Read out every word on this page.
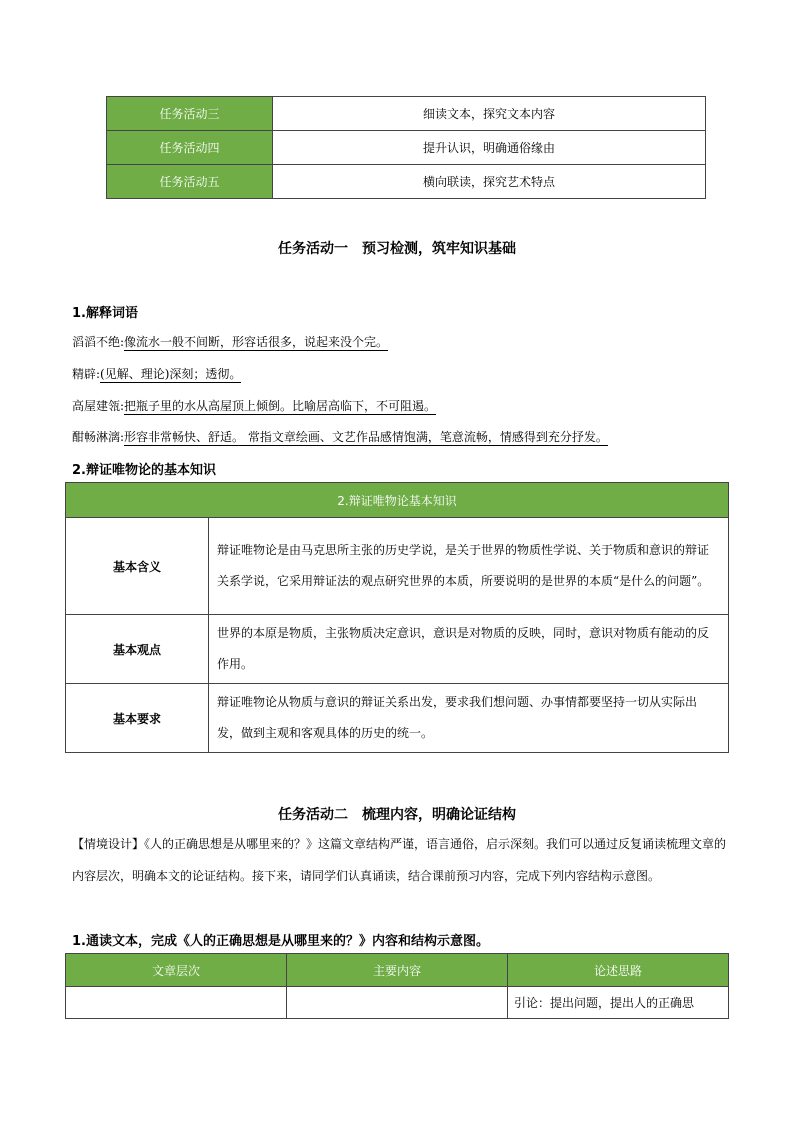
任务活动三	细读文本，探究文本内容
任务活动四	提升认识，明确通俗缘由
任务活动五	横向联读，探究艺术特点
任务活动一　预习检测，筑牢知识基础
1.解释词语
滔滔不绝:像流水一般不间断，形容话很多，说起来没个完。
精辟:(见解、理论)深刻；透彻。
高屋建瓴:把瓶子里的水从高屋顶上倾倒。比喻居高临下，不可阻遏。
酣畅淋漓:形容非常畅快、舒适。 常指文章绘画、文艺作品感情饱满，笔意流畅，情感得到充分抒发。
2.辩证唯物论的基本知识
2.辩证唯物论基本知识	
基本含义	辩证唯物论是由马克思所主张的历史学说，是关于世界的物质性学说、关于物质和意识的辩证关系学说，它采用辩证法的观点研究世界的本质，所要说明的是世界的本质“是什么的问题”。
基本观点	世界的本原是物质，主张物质决定意识，意识是对物质的反映，同时，意识对物质有能动的反作用。
基本要求	辩证唯物论从物质与意识的辩证关系出发，要求我们想问题、办事情都要坚持一切从实际出发，做到主观和客观具体的历史的统一。
任务活动二　梳理内容，明确论证结构
【情境设计】《人的正确思想是从哪里来的？》这篇文章结构严谨，语言通俗，启示深刻。我们可以通过反复诵读梳理文章的内容层次，明确本文的论证结构。接下来，请同学们认真诵读，结合课前预习内容，完成下列内容结构示意图。
1.通读文本，完成《人的正确思想是从哪里来的？》内容和结构示意图。
文章层次	主要内容	论述思路
		引论：提出问题，提出人的正确思
